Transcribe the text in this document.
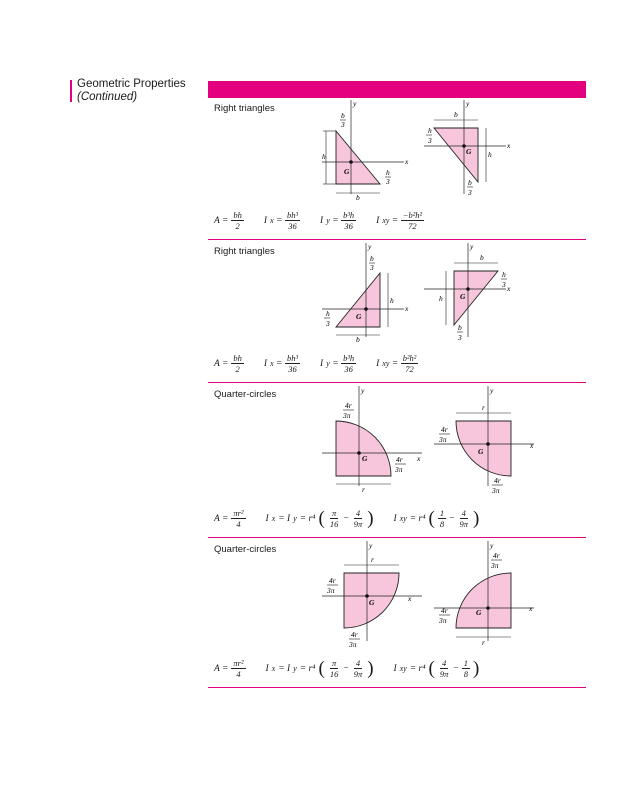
Geometric Properties
(Continued)
Right triangles
G
x
y
h
b
b
3
h
3
G
x
y
b
h
h
3
b
3
$A = \frac{bh}{2}$ I $x = \frac{\text{bh³}}{36}$ I $y = \frac{\text{b³h}}{36}$ I xy = $\frac{\text{−b²h²}}{72}$
Right triangles
G
x
y
h
b
b
3
h
3
G
x
y
b
h
h
3
b
3
$A = \frac{bh}{2}$ I $x = \frac{\text{bh³}}{36}$ I $y = \frac{\text{b³h}}{36}$ I xy = $\frac{\text{b²h²}}{72}$
Quarter-circles
G	x
y
4r
3π
4r
3π
r
G
x
y
r
4r
3π
4r
3π
$A = \frac{\text{πr²}}{4}$ I x = I y = r⁴ ( $\frac{\pi}{16} - \frac{4}{9\pi}$ ) I xy = r⁴ ( $\frac{1}{8} - \frac{4}{9\pi}$ )
Quarter-circles
G	x
y
r
4r
3π
4r
3π
G	x
y
4r
3π
4r
3π
r
$A = \frac{\text{πr²}}{4}$ I x = I y = r⁴ ( $\frac{\pi}{16} - \frac{4}{9\pi}$ ) I xy = r⁴ ( $\frac{4}{9\pi} - \frac{1}{8}$ )
